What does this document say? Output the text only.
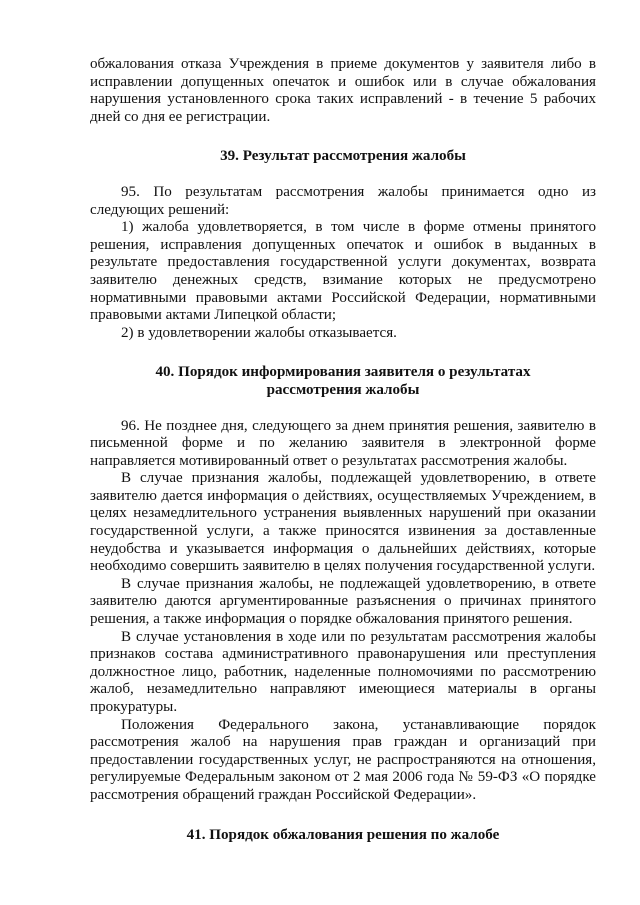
обжалования отказа Учреждения в приеме документов у заявителя либо в исправлении допущенных опечаток и ошибок или в случае обжалования нарушения установленного срока таких исправлений - в течение 5 рабочих дней со дня ее регистрации.

39. Результат рассмотрения жалобы

95. По результатам рассмотрения жалобы принимается одно из следующих решений:

1) жалоба удовлетворяется, в том числе в форме отмены принятого решения, исправления допущенных опечаток и ошибок в выданных в результате предоставления государственной услуги документах, возврата заявителю денежных средств, взимание которых не предусмотрено нормативными правовыми актами Российской Федерации, нормативными правовыми актами Липецкой области;

2) в удовлетворении жалобы отказывается.

40. Порядок информирования заявителя о результатах
рассмотрения жалобы

96. Не позднее дня, следующего за днем принятия решения, заявителю в письменной форме и по желанию заявителя в электронной форме направляется мотивированный ответ о результатах рассмотрения жалобы.

В случае признания жалобы, подлежащей удовлетворению, в ответе заявителю дается информация о действиях, осуществляемых Учреждением, в целях незамедлительного устранения выявленных нарушений при оказании государственной услуги, а также приносятся извинения за доставленные неудобства и указывается информация о дальнейших действиях, которые необходимо совершить заявителю в целях получения государственной услуги.

В случае признания жалобы, не подлежащей удовлетворению, в ответе заявителю даются аргументированные разъяснения о причинах принятого решения, а также информация о порядке обжалования принятого решения.

В случае установления в ходе или по результатам рассмотрения жалобы признаков состава административного правонарушения или преступления должностное лицо, работник, наделенные полномочиями по рассмотрению жалоб, незамедлительно направляют имеющиеся материалы в органы прокуратуры.

Положения Федерального закона, устанавливающие порядок рассмотрения жалоб на нарушения прав граждан и организаций при предоставлении государственных услуг, не распространяются на отношения, регулируемые Федеральным законом от 2 мая 2006 года № 59-ФЗ «О порядке рассмотрения обращений граждан Российской Федерации».

41. Порядок обжалования решения по жалобе
